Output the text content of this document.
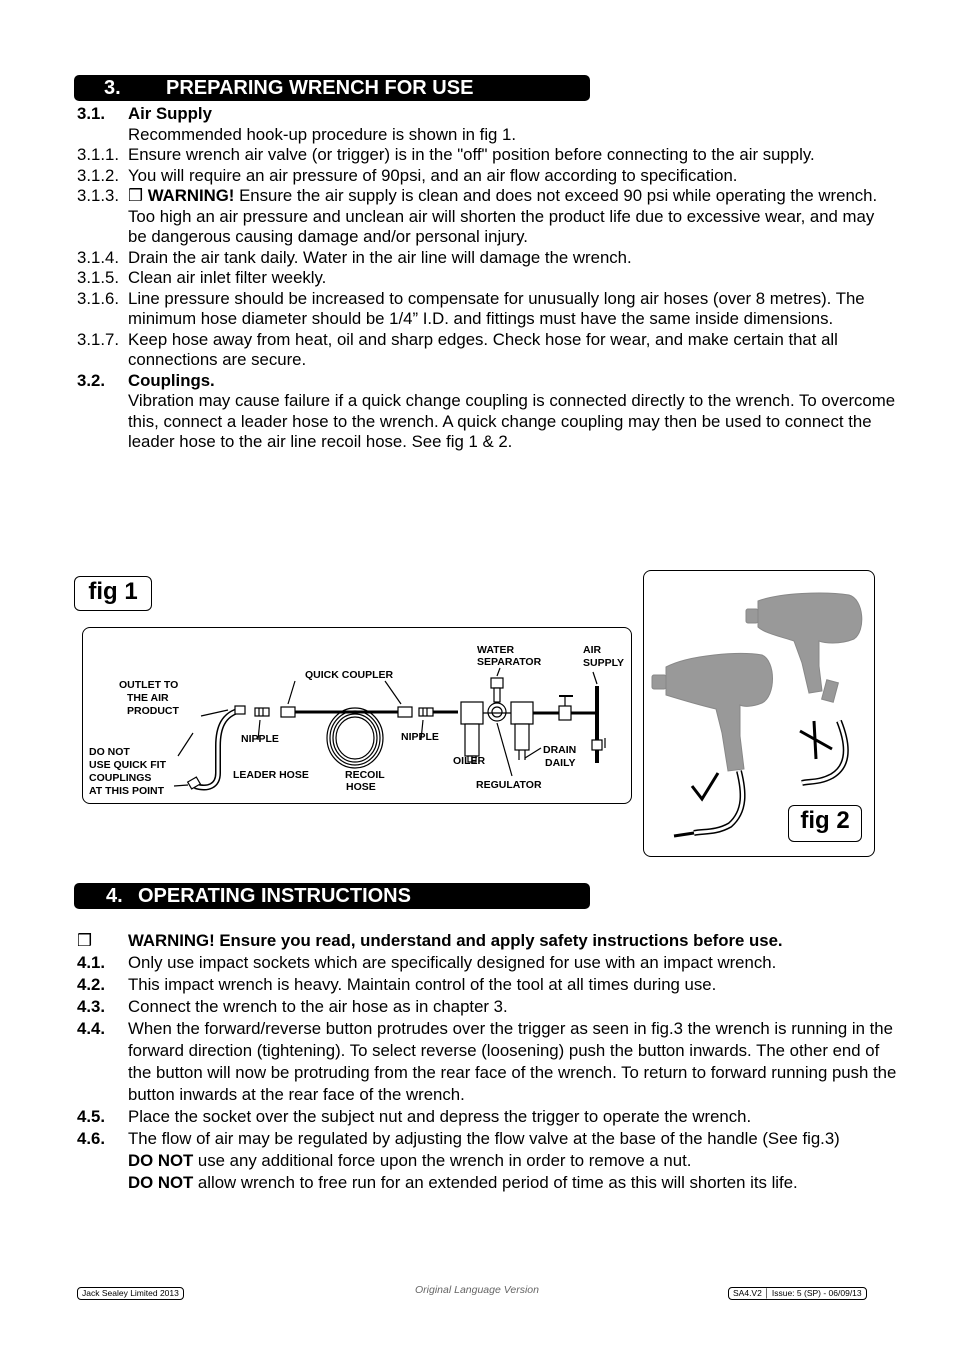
3. PREPARING WRENCH FOR USE
3.1. Air Supply
Recommended hook-up procedure is shown in fig 1.
3.1.1. Ensure wrench air valve (or trigger) is in the "off" position before connecting to the air supply.
3.1.2. You will require an air pressure of 90psi, and an air flow according to specification.
3.1.3. ❒ WARNING! Ensure the air supply is clean and does not exceed 90 psi while operating the wrench. Too high an air pressure and unclean air will shorten the product life due to excessive wear, and may be dangerous causing damage and/or personal injury.
3.1.4. Drain the air tank daily. Water in the air line will damage the wrench.
3.1.5. Clean air inlet filter weekly.
3.1.6. Line pressure should be increased to compensate for unusually long air hoses (over 8 metres). The minimum hose diameter should be 1/4” I.D. and fittings must have the same inside dimensions.
3.1.7. Keep hose away from heat, oil and sharp edges. Check hose for wear, and make certain that all connections are secure.
3.2. Couplings.
Vibration may cause failure if a quick change coupling is connected directly to the wrench. To overcome this, connect a leader hose to the wrench. A quick change coupling may then be used to connect the leader hose to the air line recoil hose. See fig 1 & 2.
fig 1
OUTLET TO
THE AIR
PRODUCT
DO NOT
USE QUICK FIT
COUPLINGS
AT THIS POINT
QUICK COUPLER
NIPPLE	NIPPLE
LEADER HOSE	RECOIL
HOSE
WATER
SEPARATOR
AIR
SUPPLY
OILER
REGULATOR
DRAIN
DAILY
fig 2
4. OPERATING INSTRUCTIONS
❒ WARNING! Ensure you read, understand and apply safety instructions before use.
4.1. Only use impact sockets which are specifically designed for use with an impact wrench.
4.2. This impact wrench is heavy. Maintain control of the tool at all times during use.
4.3. Connect the wrench to the air hose as in chapter 3.
4.4. When the forward/reverse button protrudes over the trigger as seen in fig.3 the wrench is running in the forward direction (tightening). To select reverse (loosening) push the button inwards. The other end of the button will now be protruding from the rear face of the wrench. To return to forward running push the button inwards at the rear face of the wrench.
4.5. Place the socket over the subject nut and depress the trigger to operate the wrench.
4.6. The flow of air may be regulated by adjusting the flow valve at the base of the handle (See fig.3)
DO NOT use any additional force upon the wrench in order to remove a nut.
DO NOT allow wrench to free run for an extended period of time as this will shorten its life.
Jack Sealey Limited 2013	Original Language Version	SA4.V2 │ Issue: 5 (SP) - 06/09/13
